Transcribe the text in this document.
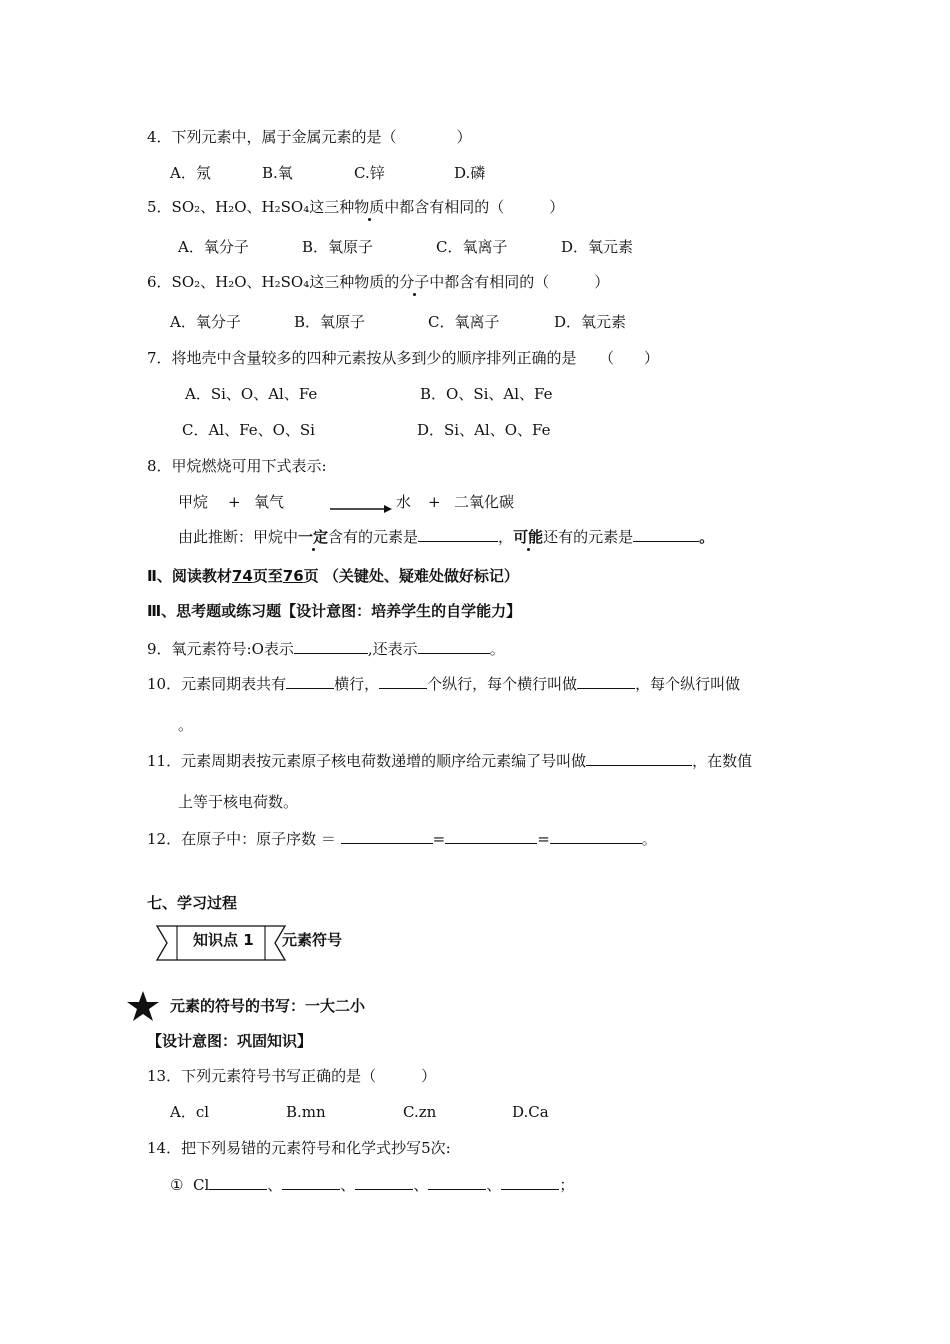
4．下列元素中，属于金属元素的是（　　　　）
A．氖	B.氧	C.锌	D.磷
5．SO₂、H₂O、H₂SO₄这三种物质中都含有相同的（　　　）
A．氧分子	B．氧原子	C．氧离子	D．氧元素
6．SO₂、H₂O、H₂SO₄这三种物质的分子中都含有相同的（　　　）
A．氧分子	B．氧原子	C．氧离子	D．氧元素
7．将地壳中含量较多的四种元素按从多到少的顺序排列正确的是　　（　　）
A．Si、O、Al、Fe	B．O、Si、Al、Fe
C．Al、Fe、O、Si	D．Si、Al、O、Fe
8．甲烷燃烧可用下式表示:
甲烷 + 氧气	→ 水 + 二氧化碳
由此推断：甲烷中一定含有的元素是	，可能还有的元素是	。
Ⅱ、阅读教材74页至76页 （关键处、疑难处做好标记）
Ⅲ、思考题或练习题【设计意图：培养学生的自学能力】
9．氧元素符号:O表示	,还表示	。
10．元素同期表共有	横行，	个纵行，每个横行叫做	，每个纵行叫做
。
11．元素周期表按元素原子核电荷数递增的顺序给元素编了号叫做	，在数值
上等于核电荷数。
12．在原子中：原子序数 ＝	=	=	。
七、学习过程
知识点 1 元素符号
元素的符号的书写：一大二小
【设计意图：巩固知识】
13．下列元素符号书写正确的是（　　　）
A．cl	B.mn	C.zn	D.Ca
14．把下列易错的元素符号和化学式抄写5次:
① Cl	、	、	、	、	；
